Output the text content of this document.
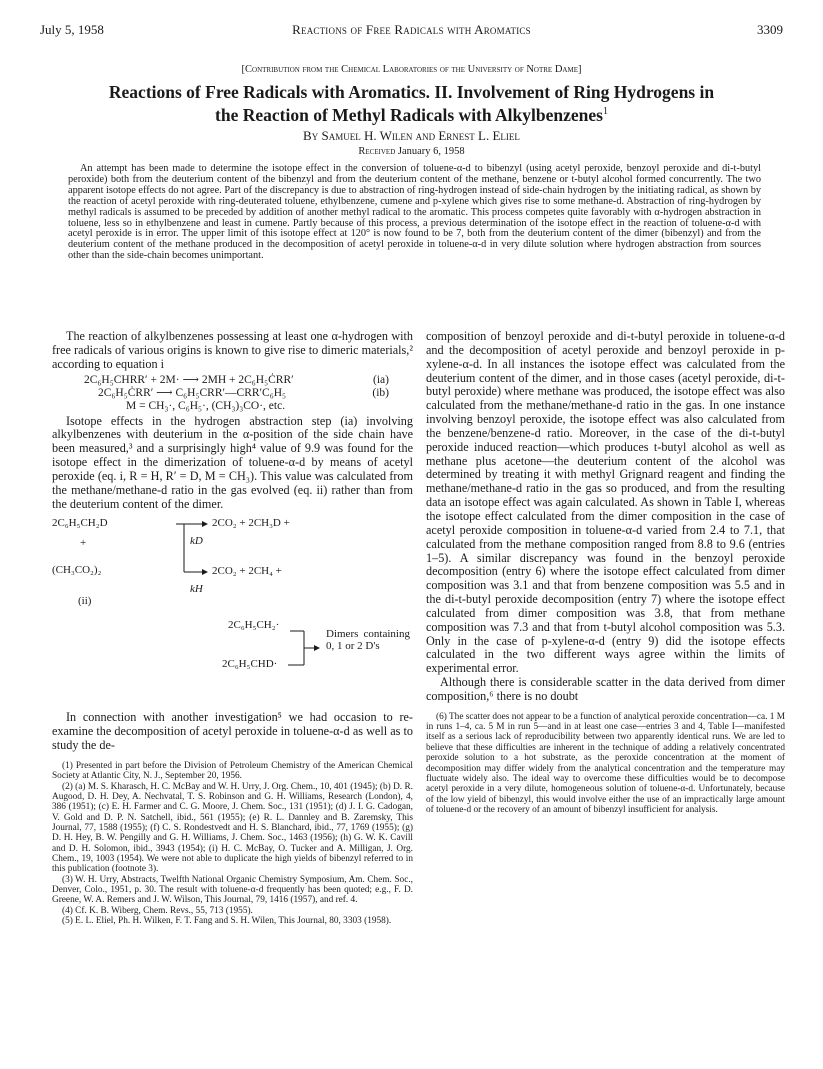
July 5, 1958	Reactions of Free Radicals with Aromatics	3309
[Contribution from the Chemical Laboratories of the University of Notre Dame]
Reactions of Free Radicals with Aromatics. II. Involvement of Ring Hydrogens in
the Reaction of Methyl Radicals with Alkylbenzenes$^1$
By Samuel H. Wilen and Ernest L. Eliel
Received January 6, 1958
An attempt has been made to determine the isotope effect in the conversion of toluene-α-d to bibenzyl (using acetyl peroxide, benzoyl peroxide and di-t-butyl peroxide) both from the deuterium content of the bibenzyl and from the deuterium content of the methane, benzene or t-butyl alcohol formed concurrently. The two apparent isotope effects do not agree. Part of the discrepancy is due to abstraction of ring-hydrogen instead of side-chain hydrogen by the initiating radical, as shown by the reaction of acetyl peroxide with ring-deuterated toluene, ethylbenzene, cumene and p-xylene which gives rise to some methane-d. Abstraction of ring-hydrogen by methyl radicals is assumed to be preceded by addition of another methyl radical to the aromatic. This process competes quite favorably with α-hydrogen abstraction in toluene, less so in ethylbenzene and least in cumene. Partly because of this process, a previous determination of the isotope effect in the reaction of toluene-α-d with acetyl peroxide is in error. The upper limit of this isotope effect at 120° is now found to be 7, both from the deuterium content of the dimer (bibenzyl) and from the deuterium content of the methane produced in the decomposition of acetyl peroxide in toluene-α-d in very dilute solution where hydrogen abstraction from sources other than the side-chain becomes unimportant.

The reaction of alkylbenzenes possessing at least one α-hydrogen with free radicals of various origins is known to give rise to dimeric materials,² according to equation i

2C₆H₅CHRR′ + 2M· ⟶ 2MH + 2C₆H₅ĊRR′	(ia)
2C₆H₅ĊRR′ ⟶ C₆H₅CRR′—CRR′C₆H₅	(ib)
M = CH₃·, C₆H₅·, (CH₃)₃CO·, etc.

Isotope effects in the hydrogen abstraction step (ia) involving alkylbenzenes with deuterium in the α-position of the side chain have been measured,³ and a surprisingly high⁴ value of 9.9 was found for the isotope effect in the dimerization of toluene-α-d by means of acetyl peroxide (eq. i, R = H, R′ = D, M = CH₃). This value was calculated from the methane/methane-d ratio in the gas evolved (eq. ii) rather than from the deuterium content of the dimer.

2C₆H₅CH₂D	2CO₂ + 2CH₃D +
+	kD
(CH₃CO₂)₂	2CO₂ + 2CH₄ +
kH
(ii)
2C₆H₅CH₂·
2C₆H₅CHD·
Dimers containing 0, 1 or 2 D's

In connection with another investigation⁵ we had occasion to re-examine the decomposition of acetyl peroxide in toluene-α-d as well as to study the de-

(1) Presented in part before the Division of Petroleum Chemistry of the American Chemical Society at Atlantic City, N. J., September 20, 1956.

(2) (a) M. S. Kharasch, H. C. McBay and W. H. Urry, J. Org. Chem., 10, 401 (1945); (b) D. R. Augood, D. H. Dey, A. Nechvatal, T. S. Robinson and G. H. Williams, Research (London), 4, 386 (1951); (c) E. H. Farmer and C. G. Moore, J. Chem. Soc., 131 (1951); (d) J. I. G. Cadogan, V. Gold and D. P. N. Satchell, ibid., 561 (1955); (e) R. L. Dannley and B. Zaremsky, This Journal, 77, 1588 (1955); (f) C. S. Rondestvedt and H. S. Blanchard, ibid., 77, 1769 (1955); (g) D. H. Hey, B. W. Pengilly and G. H. Williams, J. Chem. Soc., 1463 (1956); (h) G. W. K. Cavill and D. H. Solomon, ibid., 3943 (1954); (i) H. C. McBay, O. Tucker and A. Milligan, J. Org. Chem., 19, 1003 (1954). We were not able to duplicate the high yields of bibenzyl referred to in this publication (footnote 3).

(3) W. H. Urry, Abstracts, Twelfth National Organic Chemistry Symposium, Am. Chem. Soc., Denver, Colo., 1951, p. 30. The result with toluene-α-d frequently has been quoted; e.g., F. D. Greene, W. A. Remers and J. W. Wilson, This Journal, 79, 1416 (1957), and ref. 4.

(4) Cf. K. B. Wiberg, Chem. Revs., 55, 713 (1955).

(5) E. L. Eliel, Ph. H. Wilken, F. T. Fang and S. H. Wilen, This Journal, 80, 3303 (1958).

composition of benzoyl peroxide and di-t-butyl peroxide in toluene-α-d and the decomposition of acetyl peroxide and benzoyl peroxide in p-xylene-α-d. In all instances the isotope effect was calculated from the deuterium content of the dimer, and in those cases (acetyl peroxide, di-t-butyl peroxide) where methane was produced, the isotope effect was also calculated from the methane/methane-d ratio in the gas. In one instance involving benzoyl peroxide, the isotope effect was also calculated from the benzene/benzene-d ratio. Moreover, in the case of the di-t-butyl peroxide induced reaction—which produces t-butyl alcohol as well as methane plus acetone—the deuterium content of the alcohol was determined by treating it with methyl Grignard reagent and finding the methane/methane-d ratio in the gas so produced, and from the resulting data an isotope effect was again calculated. As shown in Table I, whereas the isotope effect calculated from the dimer composition in the case of acetyl peroxide composition in toluene-α-d varied from 2.4 to 7.1, that calculated from the methane composition ranged from 8.8 to 9.6 (entries 1–5). A similar discrepancy was found in the benzoyl peroxide decomposition (entry 6) where the isotope effect calculated from dimer composition was 3.1 and that from benzene composition was 5.5 and in the di-t-butyl peroxide decomposition (entry 7) where the isotope effect calculated from dimer composition was 3.8, that from methane composition was 7.3 and that from t-butyl alcohol composition was 5.3. Only in the case of p-xylene-α-d (entry 9) did the isotope effects calculated in the two different ways agree within the limits of experimental error.

Although there is considerable scatter in the data derived from dimer composition,⁶ there is no doubt

(6) The scatter does not appear to be a function of analytical peroxide concentration—ca. 1 M in runs 1–4, ca. 5 M in run 5—and in at least one case—entries 3 and 4, Table I—manifested itself as a serious lack of reproducibility between two apparently identical runs. We are led to believe that these difficulties are inherent in the technique of adding a relatively concentrated peroxide solution to a hot substrate, as the peroxide concentration at the moment of decomposition may differ widely from the analytical concentration and the temperature may fluctuate widely also. The ideal way to overcome these difficulties would be to decompose acetyl peroxide in a very dilute, homogeneous solution of toluene-α-d. Unfortunately, because of the low yield of bibenzyl, this would involve either the use of an impractically large amount of toluene-d or the recovery of an amount of bibenzyl insufficient for analysis.
